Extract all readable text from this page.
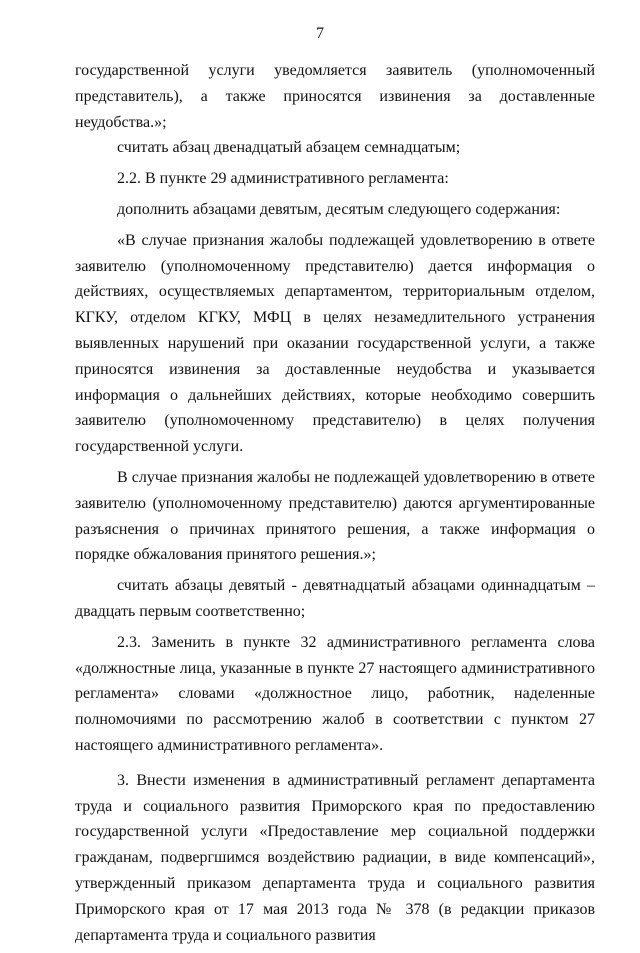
7

государственной услуги уведомляется заявитель (уполномоченный представитель), а также приносятся извинения за доставленные неудобства.»;

считать абзац двенадцатый абзацем семнадцатым;

2.2. В пункте 29 административного регламента:

дополнить абзацами девятым, десятым следующего содержания:

«В случае признания жалобы подлежащей удовлетворению в ответе заявителю (уполномоченному представителю) дается информация о действиях, осуществляемых департаментом, территориальным отделом, КГКУ, отделом КГКУ, МФЦ в целях незамедлительного устранения выявленных нарушений при оказании государственной услуги, а также приносятся извинения за доставленные неудобства и указывается информация о дальнейших действиях, которые необходимо совершить заявителю (уполномоченному представителю) в целях получения государственной услуги.

В случае признания жалобы не подлежащей удовлетворению в ответе заявителю (уполномоченному представителю) даются аргументированные разъяснения о причинах принятого решения, а также информация о порядке обжалования принятого решения.»;

считать абзацы девятый - девятнадцатый абзацами одиннадцатым – двадцать первым соответственно;

2.3. Заменить в пункте 32 административного регламента слова «должностные лица, указанные в пункте 27 настоящего административного регламента» словами «должностное лицо, работник, наделенные полномочиями по рассмотрению жалоб в соответствии с пунктом 27 настоящего административного регламента».

3. Внести изменения в административный регламент департамента труда и социального развития Приморского края по предоставлению государственной услуги «Предоставление мер социальной поддержки гражданам, подвергшимся воздействию радиации, в виде компенсаций», утвержденный приказом департамента труда и социального развития Приморского края от 17 мая 2013 года № 378 (в редакции приказов департамента труда и социального развития
